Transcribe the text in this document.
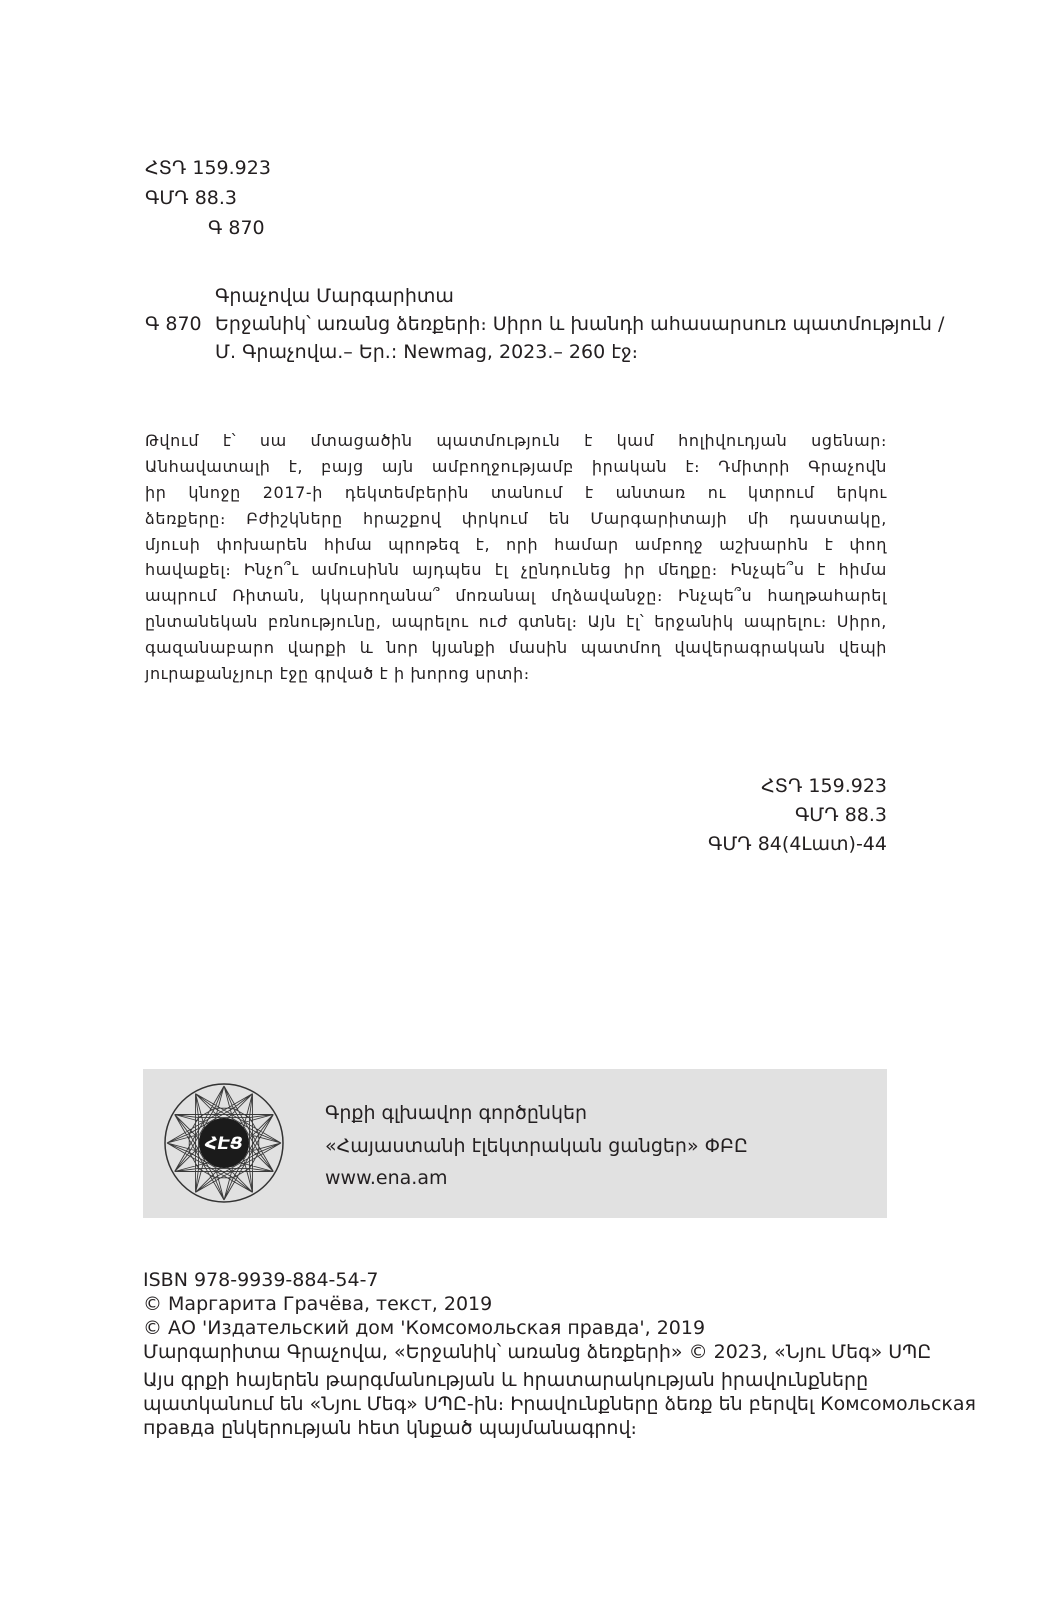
ՀՏԴ 159.923
ԳՄԴ 88.3
Գ 870
Գրաչովա Մարգարիտա
Գ 870 Երջանիկ՝ առանց ձեռքերի։ Սիրո և խանդի ահասարսուռ պատմություն /
Մ. Գրաչովա.– Եր.: Newmag, 2023.– 260 էջ։
Թվում է՝ սա մտացածին պատմություն է կամ հոլիվուդյան սցենար։
Անհավատալի է, բայց այն ամբողջությամբ իրական է։ Դմիտրի Գրաչովն
իր կնոջը 2017-ի դեկտեմբերին տանում է անտառ ու կտրում երկու
ձեռքերը։ Բժիշկները հրաշքով փրկում են Մարգարիտայի մի դաստակը,
մյուսի փոխարեն հիմա պրոթեզ է, որի համար ամբողջ աշխարհն է փող
հավաքել։ Ինչո՞ւ ամուսինն այդպես էլ չընդունեց իր մեղքը։ Ինչպե՞ս է հիմա
ապրում Ռիտան, կկարողանա՞ մոռանալ մղձավանջը։ Ինչպե՞ս հաղթահարել
ընտանեկան բռնությունը, ապրելու ուժ գտնել։ Այն էլ՝ երջանիկ ապրելու։ Սիրո,
գազանաբարո վարքի և նոր կյանքի մասին պատմող վավերագրական վեպի
յուրաքանչյուր էջը գրված է ի խորոց սրտի։
ՀՏԴ 159.923
ԳՄԴ 88.3
ԳՄԴ 84(4Լատ)-44
ՀԷՑ
Գրքի գլխավոր գործընկեր
«Հայաստանի էլեկտրական ցանցեր» ՓԲԸ
www.ena.am
ISBN 978-9939-884-54-7
© Маргарита Грачёва, текст, 2019
© АО 'Издательский дом 'Комсомольская правда', 2019
Մարգարիտա Գրաչովա, «Երջանիկ՝ առանց ձեռքերի» © 2023, «Նյու Մեգ» ՍՊԸ
Այս գրքի հայերեն թարգմանության և հրատարակության իրավունքները
պատկանում են «Նյու Մեգ» ՍՊԸ-ին։ Իրավունքները ձեռք են բերվել Комсомольская
правда ընկերության հետ կնքած պայմանագրով։
